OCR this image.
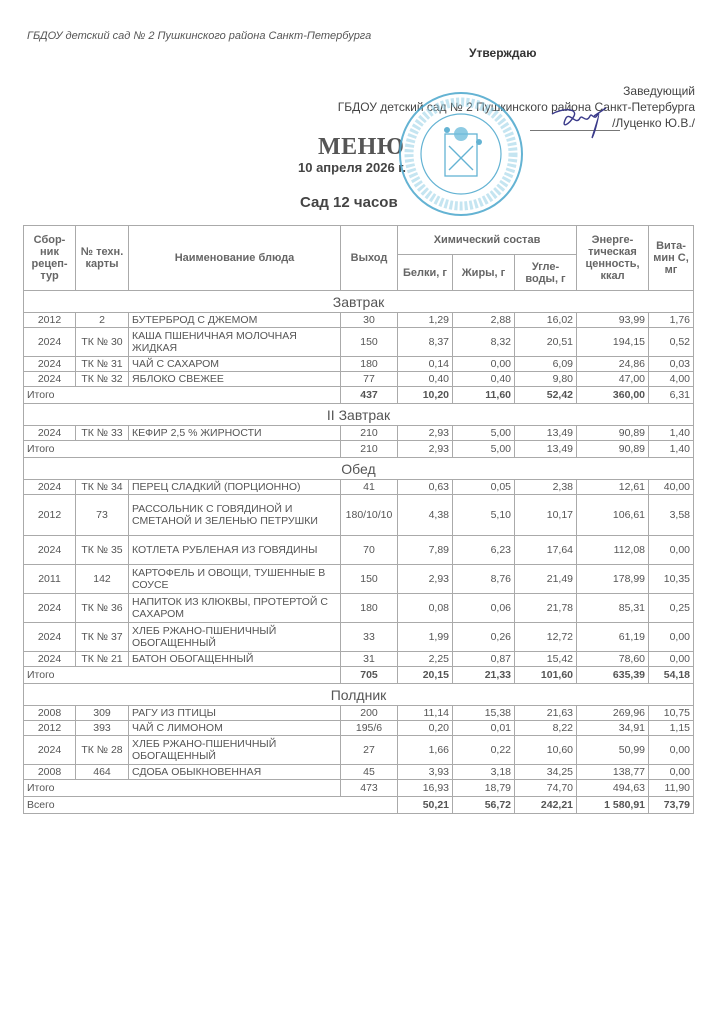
ГБДОУ детский сад № 2 Пушкинского района Санкт-Петербурга
Утверждаю
Заведующий
ГБДОУ детский сад № 2 Пушкинского района Санкт-Петербурга
/Луценко Ю.В./
МЕНЮ
10 апреля 2026 г.
Сад 12 часов
Сбор-ник рецеп-тур	№ техн. карты	Наименование блюда	Выход	Химический состав			Энерге-тическая ценность, ккал	Вита-мин С, мг
				Белки, г	Жиры, г	Угле-воды, г		
Завтрак								
2012	2	БУТЕРБРОД С ДЖЕМОМ	30	1,29	2,88	16,02	93,99	1,76
2024	ТК № 30	КАША ПШЕНИЧНАЯ МОЛОЧНАЯ ЖИДКАЯ	150	8,37	8,32	20,51	194,15	0,52
2024	ТК № 31	ЧАЙ С САХАРОМ	180	0,14	0,00	6,09	24,86	0,03
2024	ТК № 32	ЯБЛОКО СВЕЖЕЕ	77	0,40	0,40	9,80	47,00	4,00
Итого			437	10,20	11,60	52,42	360,00	6,31
II Завтрак								
2024	ТК № 33	КЕФИР 2,5 % ЖИРНОСТИ	210	2,93	5,00	13,49	90,89	1,40
Итого			210	2,93	5,00	13,49	90,89	1,40
Обед								
2024	ТК № 34	ПЕРЕЦ СЛАДКИЙ (ПОРЦИОННО)	41	0,63	0,05	2,38	12,61	40,00
2012	73	РАССОЛЬНИК С ГОВЯДИНОЙ И СМЕТАНОЙ И ЗЕЛЕНЬЮ ПЕТРУШКИ	180/10/10	4,38	5,10	10,17	106,61	3,58
2024	ТК № 35	КОТЛЕТА РУБЛЕНАЯ ИЗ ГОВЯДИНЫ	70	7,89	6,23	17,64	112,08	0,00
2011	142	КАРТОФЕЛЬ И ОВОЩИ, ТУШЕННЫЕ В СОУСЕ	150	2,93	8,76	21,49	178,99	10,35
2024	ТК № 36	НАПИТОК ИЗ КЛЮКВЫ, ПРОТЕРТОЙ С САХАРОМ	180	0,08	0,06	21,78	85,31	0,25
2024	ТК № 37	ХЛЕБ РЖАНО-ПШЕНИЧНЫЙ ОБОГАЩЕННЫЙ	33	1,99	0,26	12,72	61,19	0,00
2024	ТК № 21	БАТОН ОБОГАЩЕННЫЙ	31	2,25	0,87	15,42	78,60	0,00
Итого			705	20,15	21,33	101,60	635,39	54,18
Полдник								
2008	309	РАГУ ИЗ ПТИЦЫ	200	11,14	15,38	21,63	269,96	10,75
2012	393	ЧАЙ С ЛИМОНОМ	195/6	0,20	0,01	8,22	34,91	1,15
2024	ТК № 28	ХЛЕБ РЖАНО-ПШЕНИЧНЫЙ ОБОГАЩЕННЫЙ	27	1,66	0,22	10,60	50,99	0,00
2008	464	СДОБА ОБЫКНОВЕННАЯ	45	3,93	3,18	34,25	138,77	0,00
Итого			473	16,93	18,79	74,70	494,63	11,90
Всего				50,21	56,72	242,21	1 580,91	73,79
